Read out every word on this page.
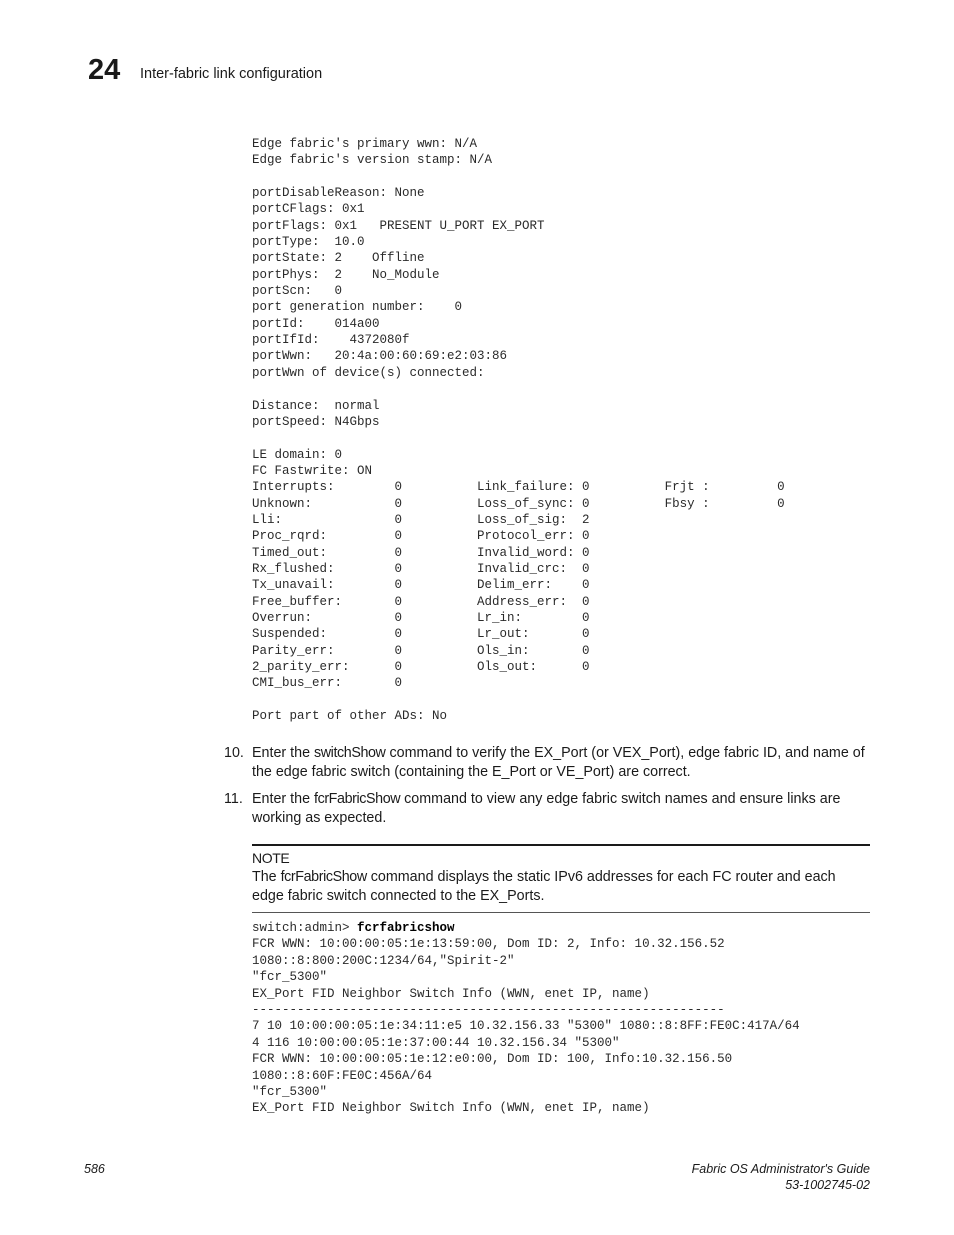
24 Inter-fabric link configuration
Edge fabric's primary wwn: N/A
Edge fabric's version stamp: N/A

portDisableReason: None
portCFlags: 0x1
portFlags: 0x1   PRESENT U_PORT EX_PORT
portType:  10.0
portState: 2    Offline
portPhys:  2    No_Module
portScn:   0
port generation number:    0
portId:    014a00
portIfId:    4372080f
portWwn:   20:4a:00:60:69:e2:03:86
portWwn of device(s) connected:

Distance:  normal
portSpeed: N4Gbps

LE domain: 0
FC Fastwrite: ON
Interrupts:        0          Link_failure: 0          Frjt :         0
Unknown:           0          Loss_of_sync: 0          Fbsy :         0
Lli:               0          Loss_of_sig:  2
Proc_rqrd:         0          Protocol_err: 0
Timed_out:         0          Invalid_word: 0
Rx_flushed:        0          Invalid_crc:  0
Tx_unavail:        0          Delim_err:    0
Free_buffer:       0          Address_err:  0
Overrun:           0          Lr_in:        0
Suspended:         0          Lr_out:       0
Parity_err:        0          Ols_in:       0
2_parity_err:      0          Ols_out:      0
CMI_bus_err:       0

Port part of other ADs: No
10. Enter the switchShow command to verify the EX_Port (or VEX_Port), edge fabric ID, and name of the edge fabric switch (containing the E_Port or VE_Port) are correct.
11. Enter the fcrFabricShow command to view any edge fabric switch names and ensure links are working as expected.
NOTE
The fcrFabricShow command displays the static IPv6 addresses for each FC router and each edge fabric switch connected to the EX_Ports.
switch:admin> fcrfabricshow
FCR WWN: 10:00:00:05:1e:13:59:00, Dom ID: 2, Info: 10.32.156.52
1080::8:800:200C:1234/64,"Spirit-2"
"fcr_5300"
EX_Port FID Neighbor Switch Info (WWN, enet IP, name)
---------------------------------------------------------------
7 10 10:00:00:05:1e:34:11:e5 10.32.156.33 "5300" 1080::8:8FF:FE0C:417A/64
4 116 10:00:00:05:1e:37:00:44 10.32.156.34 "5300"
FCR WWN: 10:00:00:05:1e:12:e0:00, Dom ID: 100, Info:10.32.156.50
1080::8:60F:FE0C:456A/64
"fcr_5300"
EX_Port FID Neighbor Switch Info (WWN, enet IP, name)
586	Fabric OS Administrator's Guide
53-1002745-02
